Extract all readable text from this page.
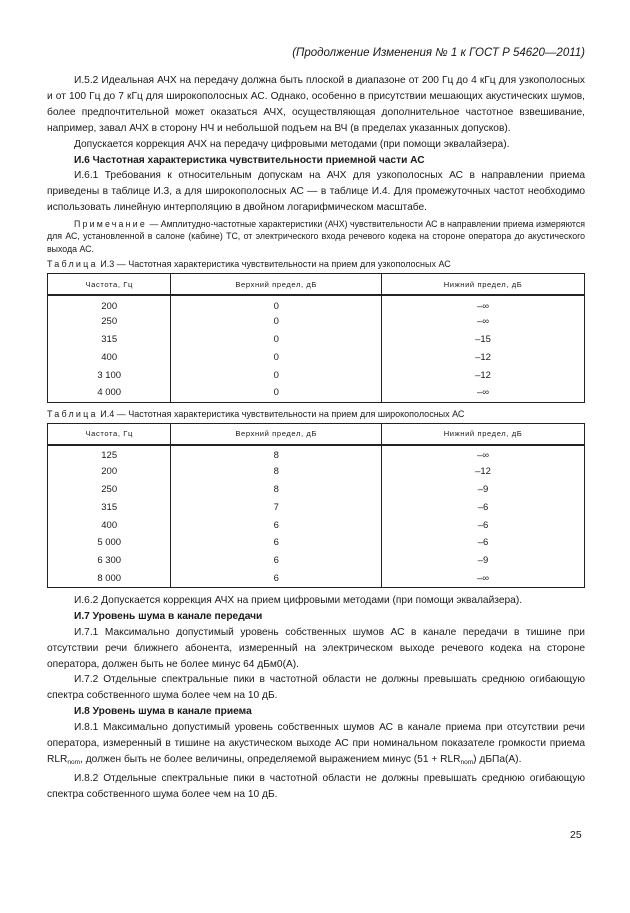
(Продолжение Изменения № 1 к ГОСТ Р 54620—2011)

И.5.2 Идеальная АЧХ на передачу должна быть плоской в диапазоне от 200 Гц до 4 кГц для узкополосных и от 100 Гц до 7 кГц для широкополосных АС. Однако, особенно в присутствии мешающих акустических шумов, более предпочтительной может оказаться АЧХ, осуществляющая дополнительное частотное взвешивание, например, завал АЧХ в сторону НЧ и небольшой подъем на ВЧ (в пределах указанных допусков).

Допускается коррекция АЧХ на передачу цифровыми методами (при помощи эквалайзера).

И.6 Частотная характеристика чувствительности приемной части АС

И.6.1 Требования к относительным допускам на АЧХ для узкополосных АС в направлении приема приведены в таблице И.3, а для широкополосных АС — в таблице И.4. Для промежуточных частот необходимо использовать линейную интерполяцию в двойном логарифмическом масштабе.

Примечание — Амплитудно-частотные характеристики (АЧХ) чувствительности АС в направлении приема измеряются для АС, установленной в салоне (кабине) ТС, от электрического входа речевого кодека на стороне оператора до акустического выхода АС.

Таблица И.3 — Частотная характеристика чувствительности на прием для узкополосных АС
Частота, Гц	Верхний предел, дБ	Нижний предел, дБ
200	0	–∞
250	0	–∞
315	0	–15
400	0	–12
3 100	0	–12
4 000	0	–∞
Таблица И.4 — Частотная характеристика чувствительности на прием для широкополосных АС
Частота, Гц	Верхний предел, дБ	Нижний предел, дБ
125	8	–∞
200	8	–12
250	8	–9
315	7	–6
400	6	–6
5 000	6	–6
6 300	6	–9
8 000	6	–∞

И.6.2 Допускается коррекция АЧХ на прием цифровыми методами (при помощи эквалайзера).

И.7 Уровень шума в канале передачи

И.7.1 Максимально допустимый уровень собственных шумов АС в канале передачи в тишине при отсутствии речи ближнего абонента, измеренный на электрическом выходе речевого кодека на стороне оператора, должен быть не более минус 64 дБм0(А).

И.7.2 Отдельные спектральные пики в частотной области не должны превышать среднюю огибающую спектра собственного шума более чем на 10 дБ.

И.8 Уровень шума в канале приема

И.8.1 Максимально допустимый уровень собственных шумов АС в канале приема при отсутствии речи оператора, измеренный в тишине на акустическом выходе АС при номинальном показателе громкости приема $RLR_{nom}$, должен быть не более величины, определяемой выражением минус $(51 + RLR_{nom})$ дБПа(А).

И.8.2 Отдельные спектральные пики в частотной области не должны превышать среднюю огибающую спектра собственного шума более чем на 10 дБ.

25
